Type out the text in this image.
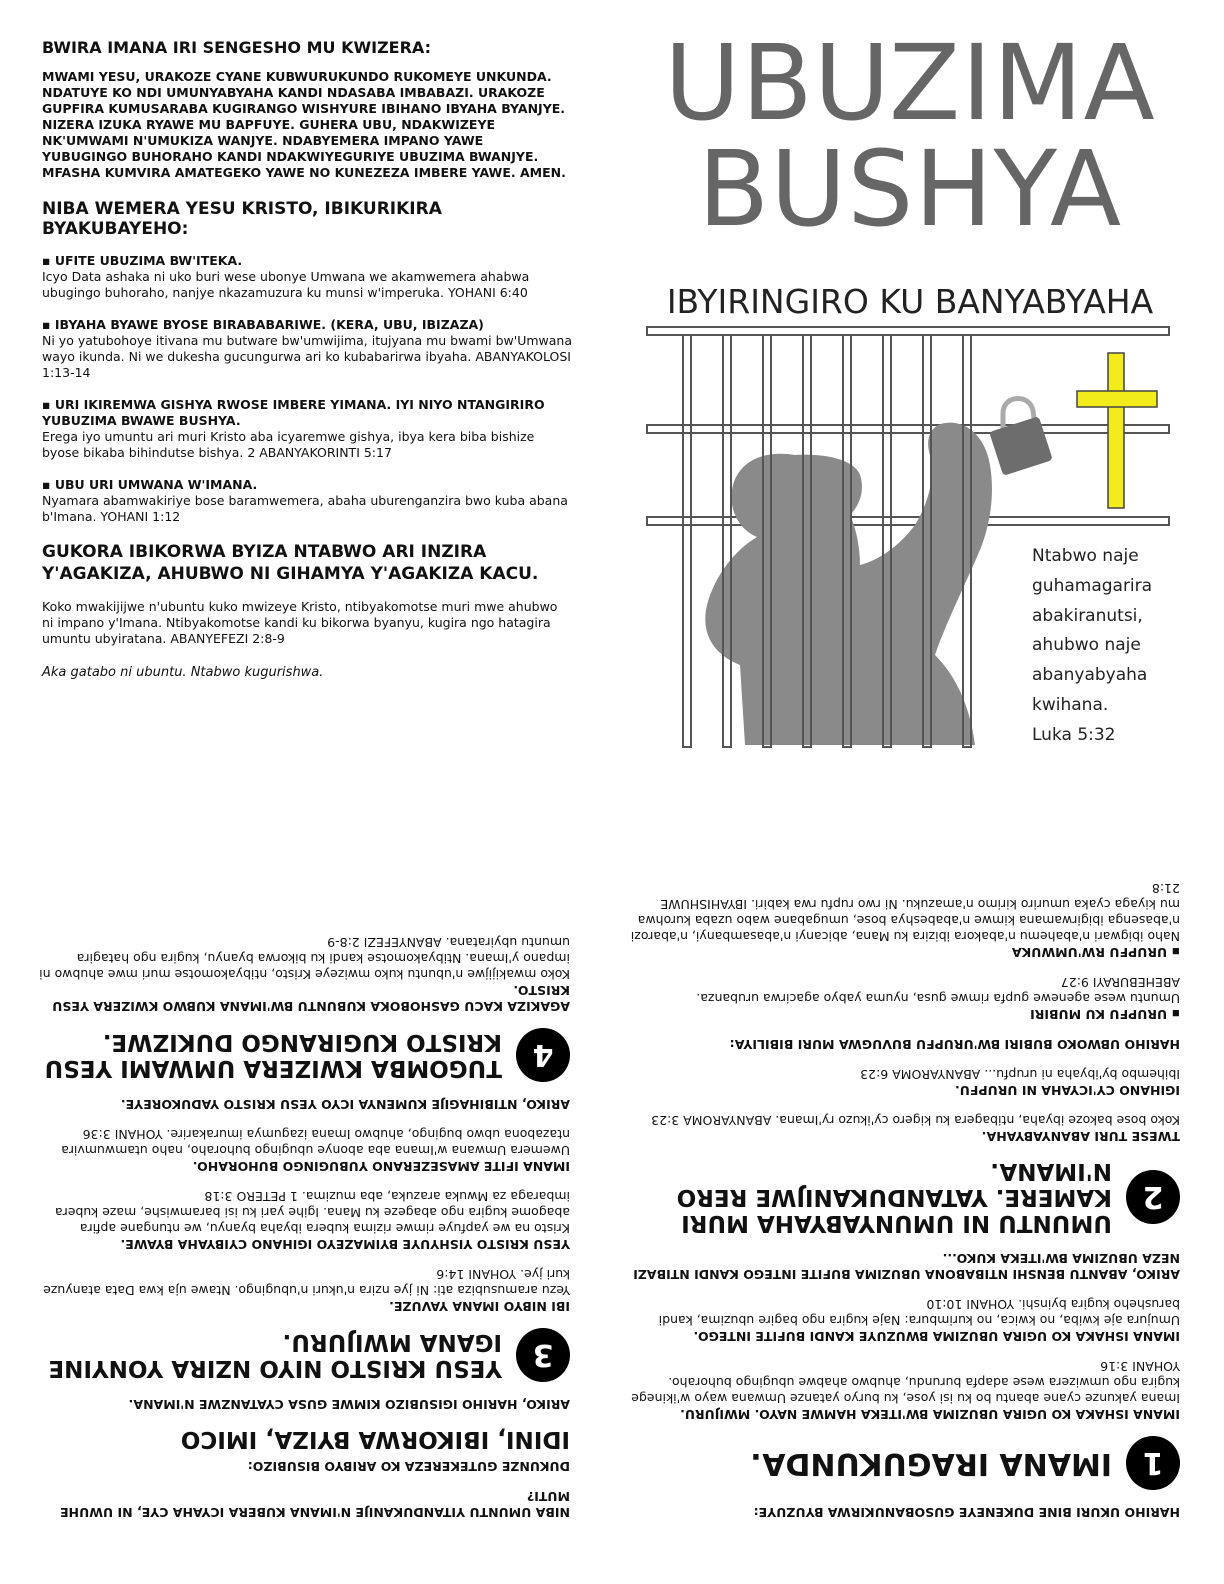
BWIRA IMANA IRI SENGESHO MU KWIZERA:
MWAMI YESU, URAKOZE CYANE KUBWURUKUNDO RUKOMEYE UNKUNDA. NDATUYE KO NDI UMUNYABYAHA KANDI NDASABA IMBABAZI. URAKOZE GUPFIRA KUMUSARABA KUGIRANGO WISHYURE IBIHANO IBYAHA BYANJYE. NIZERA IZUKA RYAWE MU BAPFUYE. GUHERA UBU, NDAKWIZEYE NK'UMWAMI N'UMUKIZA WANJYE. NDABYEMERA IMPANO YAWE YUBUGINGO BUHORAHO KANDI NDAKWIYEGURIYE UBUZIMA BWANJYE. MFASHA KUMVIRA AMATEGEKO YAWE NO KUNEZEZA IMBERE YAWE. AMEN.
NIBA WEMERA YESU KRISTO, IBIKURIKIRA BYAKUBAYEHO:
▪ UFITE UBUZIMA BW'ITEKA.
Icyo Data ashaka ni uko buri wese ubonye Umwana we akamwemera ahabwa ubugingo buhoraho, nanjye nkazamuzura ku munsi w'imperuka. YOHANI 6:40
▪ IBYAHA BYAWE BYOSE BIRABABARIWE. (KERA, UBU, IBIZAZA)
Ni yo yatubohoye itivana mu butware bw'umwijima, itujyana mu bwami bw'Umwana wayo ikunda. Ni we dukesha gucungurwa ari ko kubabarirwa ibyaha. ABANYAKOLOSI 1:13-14
▪ URI IKIREMWA GISHYA RWOSE IMBERE YIMANA. IYI NIYO NTANGIRIRO YUBUZIMA BWAWE BUSHYA.
Erega iyo umuntu ari muri Kristo aba icyaremwe gishya, ibya kera biba bishize byose bikaba bihindutse bishya. 2 ABANYAKORINTI 5:17
▪ UBU URI UMWANA W'IMANA.
Nyamara abamwakiriye bose baramwemera, abaha uburenganzira bwo kuba abana b'Imana. YOHANI 1:12
GUKORA IBIKORWA BYIZA NTABWO ARI INZIRA Y'AGAKIZA, AHUBWO NI GIHAMYA Y'AGAKIZA KACU.
Koko mwakijijwe n'ubuntu kuko mwizeye Kristo, ntibyakomotse muri mwe ahubwo ni impano y'Imana. Ntibyakomotse kandi ku bikorwa byanyu, kugira ngo hatagira umuntu ubyiratana. ABANYEFEZI 2:8-9
Aka gatabo ni ubuntu. Ntabwo kugurishwa.
UBUZIMA
BUSHYA
IBYIRINGIRO KU BANYABYAHA
Ntabwo naje
guhamagarira
abakiranutsi,
ahubwo naje
abanyabyaha
kwihana.
Luka 5:32
NIBA UMUNTU YITANDUKANIJE N'IMANA KUBERA ICYAHA CYE, NI UWUHE MUTI?
DUKUNZE GUTEKEREZA KO ARIBYO BISUBIZO:
IDINI, IBIKORWA BYIZA, IMICO
ARIKO, HARIHO IGISUBIZO KIMWE GUSA CYATANZWE N'IMANA.
3
YESU KRISTO NIYO NZIRA YONYINE IGANA MWIJURU.
IBI NIBYO IMANA YAVUZE.
Yezu aramusubiza ati: Ni jye nzira n'ukuri n'ubugingo. Ntawe uja kwa Data atanyuze kuri jye. YOHANI 14:6
YESU KRISTO YISHYUYE BYIMAZEYO IGIHANO CYIBYAHA BYAWE.
Kristo na we yapfuye rimwe rizima kubera ibyaha byanyu, we ntungane apfira abagome kugira ngo abageze ku Mana. Igihe yari ku isi baramwishe, maze kubera imbaraga za Mwuka arazuka, aba muzima. 1 PETERO 3:18
IMANA IFITE AMASEZERANO YUBUGINGO BUHORAHO.
Uwemera Umwana w'Imana aba abonye ubugingo buhoraho, naho utamwumvira ntazabona ubwo bugingo, ahubwo Imana izagumya imurakarire. YOHANI 3:36
ARIKO, NTIBIHAGIJE KUMENYA ICYO YESU KRISTO YADUKOREYE.
4
TUGOMBA KWIZERA UMWAMI YESU KRISTO KUGIRANGO DUKIZWE.
AGAKIZA KACU GASHOBOKA KUBUNTU BW'IMANA KUBWO KWIZERA YESU KRISTO.
Koko mwakijijwe n'ubuntu kuko mwizeye Kristo, ntibyakomotse muri mwe ahubwo ni impano y'Imana. Ntibyakomotse kandi ku bikorwa byanyu, kugira ngo hatagira umuntu ubyiratana. ABANYEFEZI 2:8-9
HARIHO UKURI BINE DUKENEYE GUSOBANUKIRWA BYUZUYE:
1
IMANA IRAGUKUNDA.
IMANA ISHAKA KO UGIRA UBUZIMA BW'ITEKA HAMWE NAYO. MWIJURU.
Imana yakunze cyane abantu bo ku isi yose, ku buryo yatanze Umwana wayo w'ikinege kugira ngo umwizera wese adapfa burundu, ahubwo ahabwe ubugingo buhoraho. YOHANI 3:16
IMANA ISHAKA KO UGIRA UBUZIMA BWUZUYE KANDI BUFITE INTEGO.
Umujura aje kwiba, no kwica, no kurimbura: Naje kugira ngo bagire ubuzima, kandi barusheho kugira byinshi. YOHANI 10:10
ARIKO, ABANTU BENSHI NTIBABONA UBUZIMA BUFITE INTEGO KANDI NTIBAZI NEZA UBUZIMA BW'ITEKA KUKO...
2
UMUNTU NI UMUNYABYAHA MURI KAMERE. YATANDUKANIJWE RERO N'IMANA.
TWESE TURI ABANYABYAHA.
Koko bose bakoze ibyaha, ntibagera ku kigero cy'ikuzo ry'Imana. ABANYAROMA 3:23
IGIHANO CY'ICYAHA NI URUPFU.
Ibihembo by'ibyaha ni urupfu... ABANYAROMA 6:23
HARIHO UBWOKO BUBIRI BW'URUPFU BUVUGWA MURI BIBILIYA:
▪ URUPFU KU MUBIRI
Umuntu wese agenewe gupfa rimwe gusa, nyuma yabyo agacirwa urubanza. ABEHEBURAYI 9:27
▪ URUPFU RW'UMWUKA
Naho ibigwari n'abahemu n'abakora ibizira ku Mana, abicanyi n'abasambanyi, n'abarozi n'abasenga ibigirwamana kimwe n'ababeshya bose, umugabane wabo uzaba kurohwa mu kiyaga cyaka umuriro kirimo n'amazuku. Ni rwo rupfu rwa kabiri. IBYAHISHUWE 21:8
